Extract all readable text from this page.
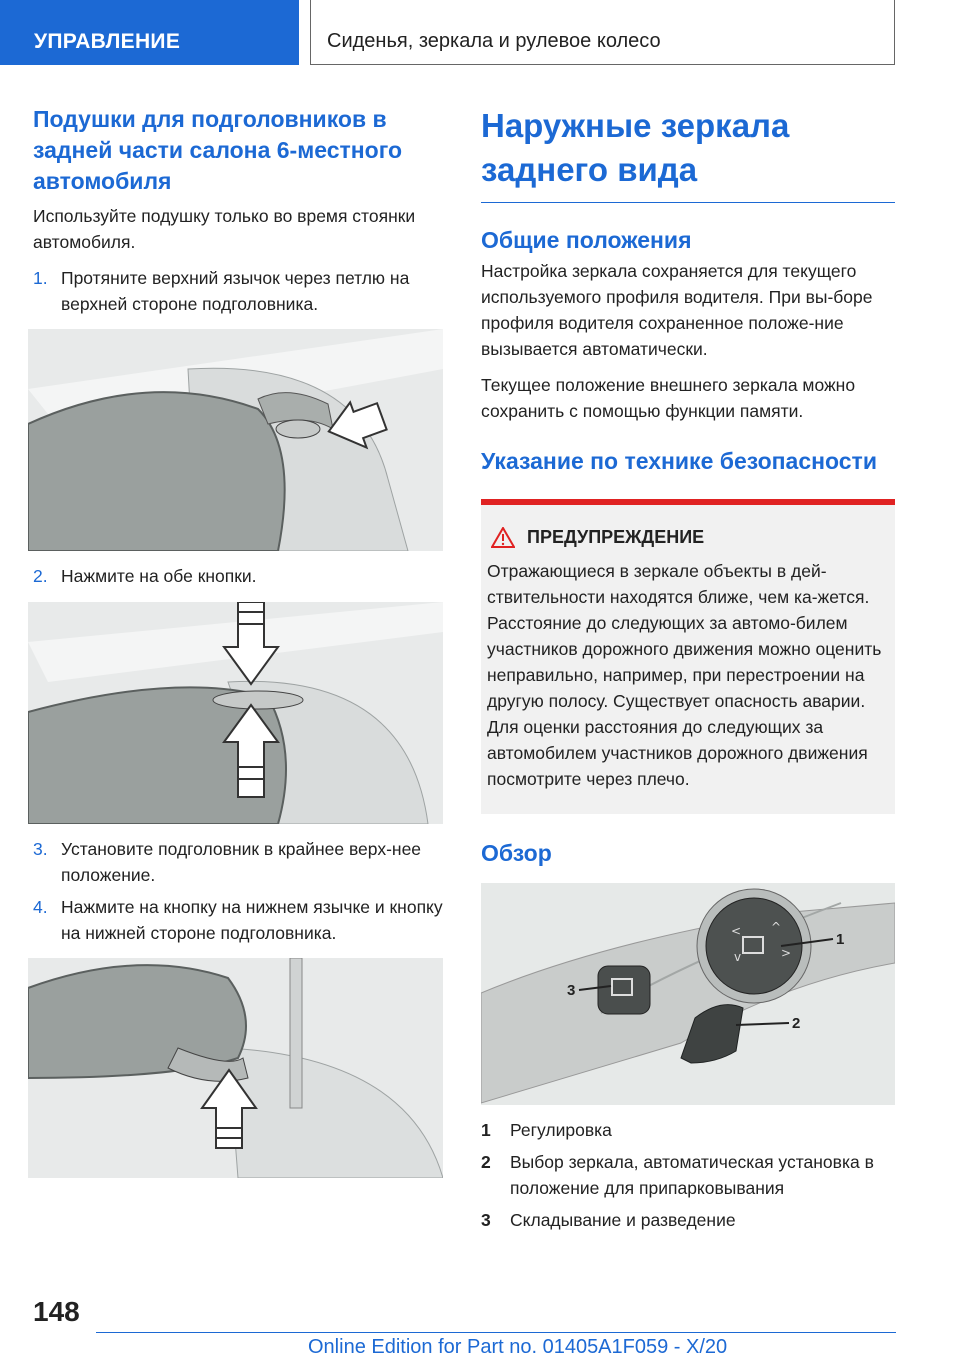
УПРАВЛЕНИЕ	Сиденья, зеркала и рулевое колесо
Подушки для подголовников в задней части салона 6-местного автомобиля

Используйте подушку только во время стоянки автомобиля.

1. Протяните верхний язычок через петлю на верхней стороне подголовника.
2. Нажмите на обе кнопки.
3. Установите подголовник в крайнее верх-нее положение.
4. Нажмите на кнопку на нижнем язычке и кнопку на нижней стороне подголовника.
Наружные зеркала заднего вида
Общие положения

Настройка зеркала сохраняется для текущего используемого профиля водителя. При вы-боре профиля водителя сохраненное положе-ние вызывается автоматически.

Текущее положение внешнего зеркала можно сохранить с помощью функции памяти.

Указание по технике безопасности
ПРЕДУПРЕЖДЕНИЕ

Отражающиеся в зеркале объекты в дей-ствительности находятся ближе, чем ка-жется. Расстояние до следующих за автомо-билем участников дорожного движения можно оценить неправильно, например, при перестроении на другую полосу. Существует опасность аварии. Для оценки расстояния до следующих за автомобилем участников дорожного движения посмотрите через плечо.

Обзор
^
<
v	>
1
2
3
1	Регулировка
2	Выбор зеркала, автоматическая установка в положение для припарковывания
3	Складывание и разведение
148
Online Edition for Part no. 01405A1F059 - X/20
